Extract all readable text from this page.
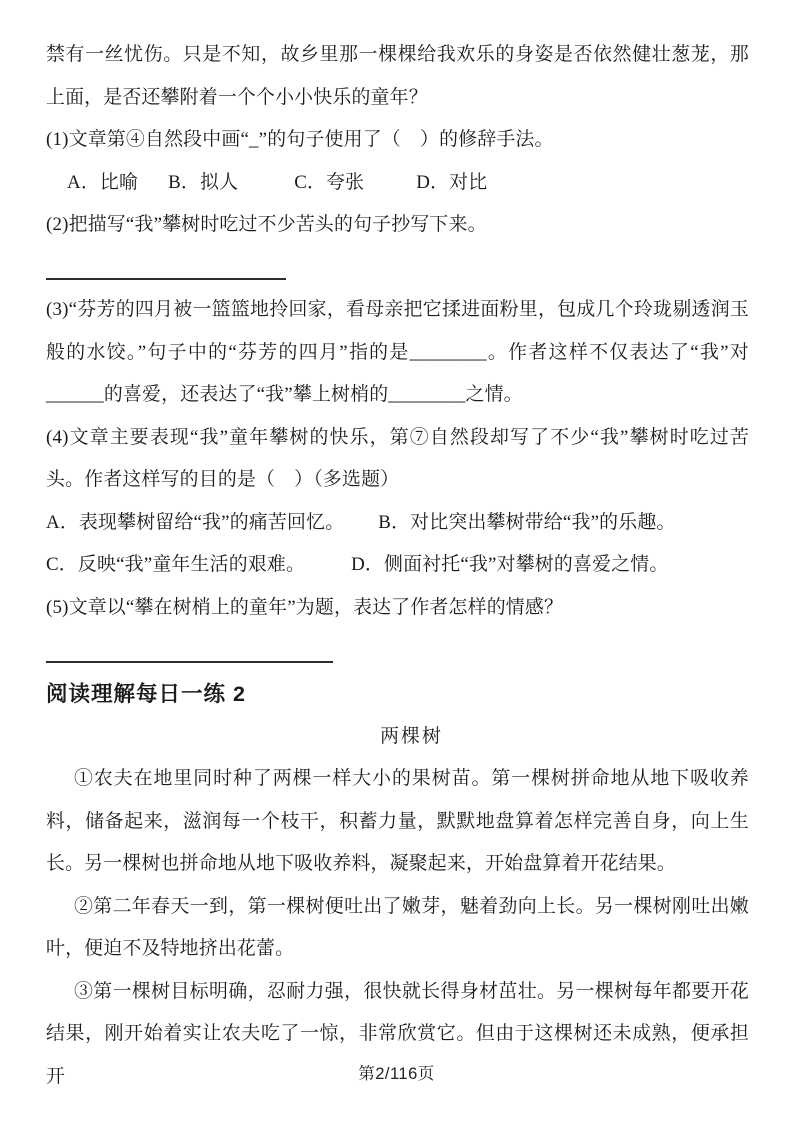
禁有一丝忧伤。只是不知，故乡里那一棵棵给我欢乐的身姿是否依然健壮葱茏，那上面，是否还攀附着一个个小小快乐的童年？

(1)文章第④自然段中画“_”的句子使用了（　）的修辞手法。

A．比喻 B．拟人	C．夸张	D．对比

(2)把描写“我”攀树时吃过不少苦头的句子抄写下来。

(3)“芬芳的四月被一篮篮地拎回家，看母亲把它揉进面粉里，包成几个玲珑剔透润玉般的水饺。”句子中的“芬芳的四月”指的是________。作者这样不仅表达了“我”对______的喜爱，还表达了“我”攀上树梢的________之情。

(4)文章主要表现“我”童年攀树的快乐，第⑦自然段却写了不少“我”攀树时吃过苦头。作者这样写的目的是（　）（多选题）

A．表现攀树留给“我”的痛苦回忆。 B．对比突出攀树带给“我”的乐趣。

C．反映“我”童年生活的艰难。 D．侧面衬托“我”对攀树的喜爱之情。

(5)文章以“攀在树梢上的童年”为题，表达了作者怎样的情感？

阅读理解每日一练 2

两棵树

①农夫在地里同时种了两棵一样大小的果树苗。第一棵树拼命地从地下吸收养料，储备起来，滋润每一个枝干，积蓄力量，默默地盘算着怎样完善自身，向上生长。另一棵树也拼命地从地下吸收养料，凝聚起来，开始盘算着开花结果。

②第二年春天一到，第一棵树便吐出了嫩芽，魅着劲向上长。另一棵树刚吐出嫩叶，便迫不及特地挤出花蕾。

③第一棵树目标明确，忍耐力强，很快就长得身材茁壮。另一棵树每年都要开花结果，刚开始着实让农夫吃了一惊，非常欣赏它。但由于这棵树还未成熟，便承担开	第2/116页
